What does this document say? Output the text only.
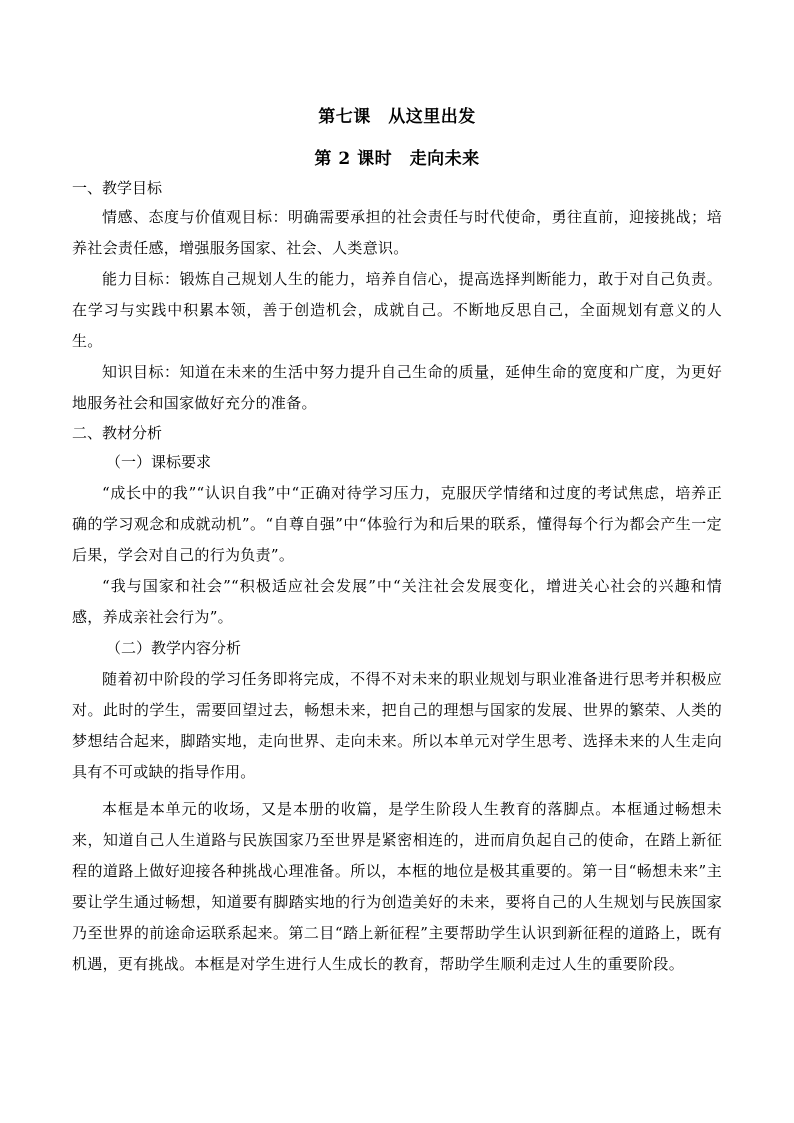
第七课　从这里出发
第 2 课时　走向未来

一、教学目标

情感、态度与价值观目标：明确需要承担的社会责任与时代使命，勇往直前，迎接挑战；培养社会责任感，增强服务国家、社会、人类意识。

能力目标：锻炼自己规划人生的能力，培养自信心，提高选择判断能力，敢于对自己负责。在学习与实践中积累本领，善于创造机会，成就自己。不断地反思自己，全面规划有意义的人生。

知识目标：知道在未来的生活中努力提升自己生命的质量，延伸生命的宽度和广度，为更好地服务社会和国家做好充分的准备。

二、教材分析

（一）课标要求

“成长中的我”“认识自我”中“正确对待学习压力，克服厌学情绪和过度的考试焦虑，培养正确的学习观念和成就动机”。“自尊自强”中“体验行为和后果的联系，懂得每个行为都会产生一定后果，学会对自己的行为负责”。

“我与国家和社会”“积极适应社会发展”中“关注社会发展变化，增进关心社会的兴趣和情感，养成亲社会行为”。

（二）教学内容分析

随着初中阶段的学习任务即将完成，不得不对未来的职业规划与职业准备进行思考并积极应对。此时的学生，需要回望过去，畅想未来，把自己的理想与国家的发展、世界的繁荣、人类的梦想结合起来，脚踏实地，走向世界、走向未来。所以本单元对学生思考、选择未来的人生走向具有不可或缺的指导作用。

本框是本单元的收场，又是本册的收篇，是学生阶段人生教育的落脚点。本框通过畅想未来，知道自己人生道路与民族国家乃至世界是紧密相连的，进而肩负起自己的使命，在踏上新征程的道路上做好迎接各种挑战心理准备。所以，本框的地位是极其重要的。第一目“畅想未来”主要让学生通过畅想，知道要有脚踏实地的行为创造美好的未来，要将自己的人生规划与民族国家乃至世界的前途命运联系起来。第二目“踏上新征程”主要帮助学生认识到新征程的道路上，既有机遇，更有挑战。本框是对学生进行人生成长的教育，帮助学生顺利走过人生的重要阶段。
